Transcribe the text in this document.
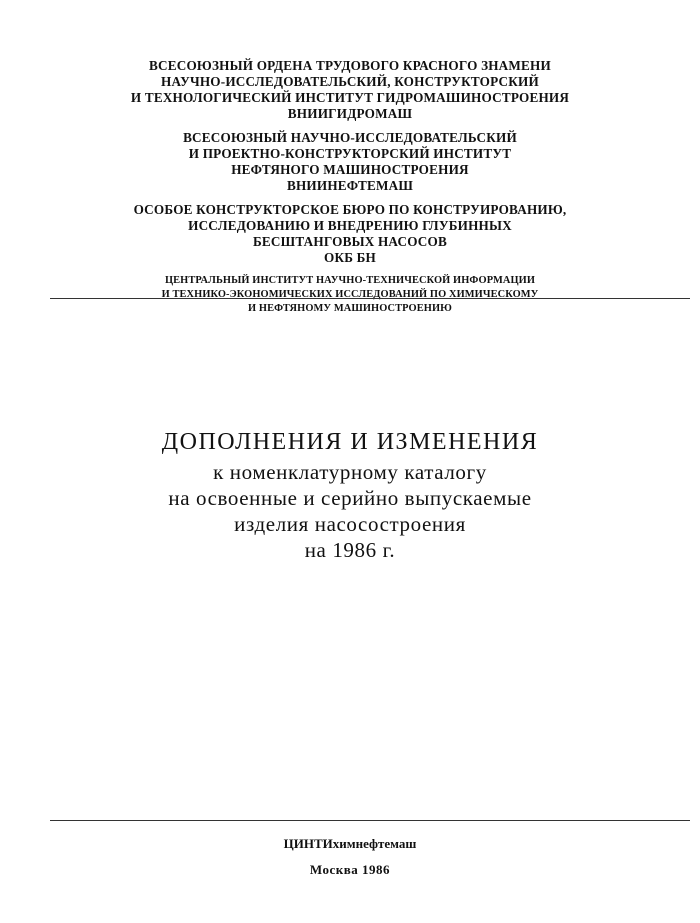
ВСЕСОЮЗНЫЙ ОРДЕНА ТРУДОВОГО КРАСНОГО ЗНАМЕНИ
НАУЧНО-ИССЛЕДОВАТЕЛЬСКИЙ, КОНСТРУКТОРСКИЙ
И ТЕХНОЛОГИЧЕСКИЙ ИНСТИТУТ ГИДРОМАШИНОСТРОЕНИЯ
ВНИИГИДРОМАШ
ВСЕСОЮЗНЫЙ НАУЧНО-ИССЛЕДОВАТЕЛЬСКИЙ
И ПРОЕКТНО-КОНСТРУКТОРСКИЙ ИНСТИТУТ
НЕФТЯНОГО МАШИНОСТРОЕНИЯ
ВНИИНЕФТЕМАШ
ОСОБОЕ КОНСТРУКТОРСКОЕ БЮРО ПО КОНСТРУИРОВАНИЮ,
ИССЛЕДОВАНИЮ И ВНЕДРЕНИЮ ГЛУБИННЫХ
БЕСШТАНГОВЫХ НАСОСОВ
ОКБ БН
ЦЕНТРАЛЬНЫЙ ИНСТИТУТ НАУЧНО-ТЕХНИЧЕСКОЙ ИНФОРМАЦИИ
И ТЕХНИКО-ЭКОНОМИЧЕСКИХ ИССЛЕДОВАНИЙ ПО ХИМИЧЕСКОМУ
И НЕФТЯНОМУ МАШИНОСТРОЕНИЮ
ДОПОЛНЕНИЯ И ИЗМЕНЕНИЯ
к номенклатурному каталогу
на освоенные и серийно выпускаемые
изделия насосостроения
на 1986 г.
ЦИНТИхимнефтемаш
Москва 1986
